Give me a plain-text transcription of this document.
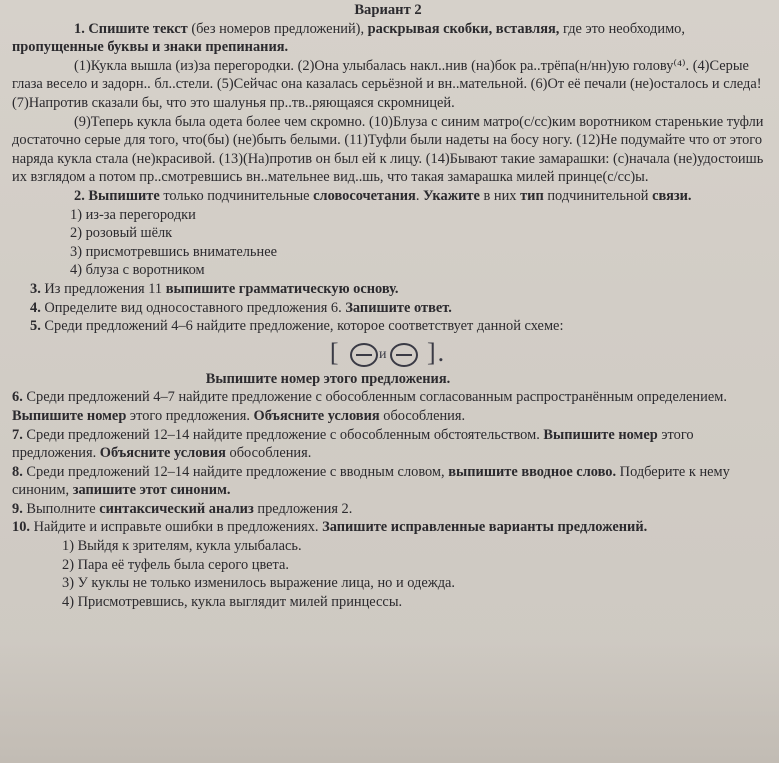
Вариант 2

1. Спишите текст (без номеров предложений), раскрывая скобки, вставляя, где это необходимо, пропущенные буквы и знаки препинания.

(1)Кукла вышла (из)за перегородки. (2)Она улыбалась накл..нив (на)бок ра..трёпа(н/нн)ую голову⁽⁴⁾. (4)Серые глаза весело и задорн.. бл..стели. (5)Сейчас она казалась серьёзной и вн..мательной. (6)От её печали (не)осталось и следа! (7)Напротив сказали бы, что это шалунья пр..тв..ряющаяся скромницей.

(9)Теперь кукла была одета более чем скромно. (10)Блуза с синим матро(с/сс)ким воротником старенькие туфли достаточно серые для того, что(бы) (не)быть белыми. (11)Туфли были надеты на босу ногу. (12)Не подумайте что от этого наряда кукла стала (не)красивой. (13)(На)против он был ей к лицу. (14)Бывают такие замарашки: (с)начала (не)удостоишь их взглядом а потом пр..смотревшись вн..мательнее вид..шь, что такая замарашка милей принце(с/сс)ы.

2. Выпишите только подчинительные словосочетания. Укажите в них тип подчинительной связи.

1) из-за перегородки

2) розовый шёлк

3) присмотревшись внимательнее

4) блуза с воротником

3. Из предложения 11 выпишите грамматическую основу.

4. Определите вид односоставного предложения 6. Запишите ответ.

5. Среди предложений 4–6 найдите предложение, которое соответствует данной схеме:

[	и ].

Выпишите номер этого предложения.

6. Среди предложений 4–7 найдите предложение с обособленным согласованным распространённым определением. Выпишите номер этого предложения. Объясните условия обособления.

7. Среди предложений 12–14 найдите предложение с обособленным обстоятельством. Выпишите номер этого предложения. Объясните условия обособления.

8. Среди предложений 12–14 найдите предложение с вводным словом, выпишите вводное слово. Подберите к нему синоним, запишите этот синоним.

9. Выполните синтаксический анализ предложения 2.

10. Найдите и исправьте ошибки в предложениях. Запишите исправленные варианты предложений.

1) Выйдя к зрителям, кукла улыбалась.

2) Пара её туфель была серого цвета.

3) У куклы не только изменилось выражение лица, но и одежда.

4) Присмотревшись, кукла выглядит милей принцессы.
